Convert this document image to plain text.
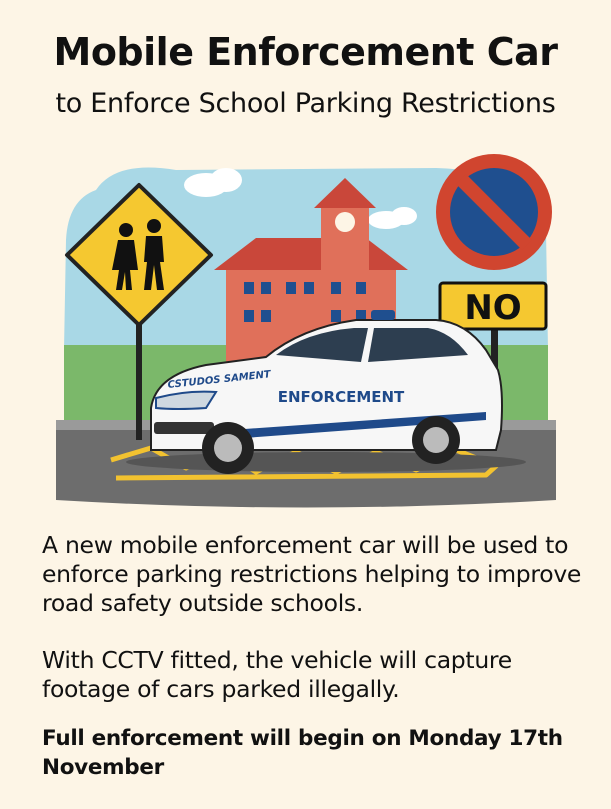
Mobile Enforcement Car
to Enforce School Parking Restrictions
NO
CSTUDOS SAMENT
ENFORCEMENT
A new mobile enforcement car will be used to enforce parking restrictions helping to improve road safety outside schools.
With CCTV fitted, the vehicle will capture footage of cars parked illegally.
Full enforcement will begin on Monday 17th November
